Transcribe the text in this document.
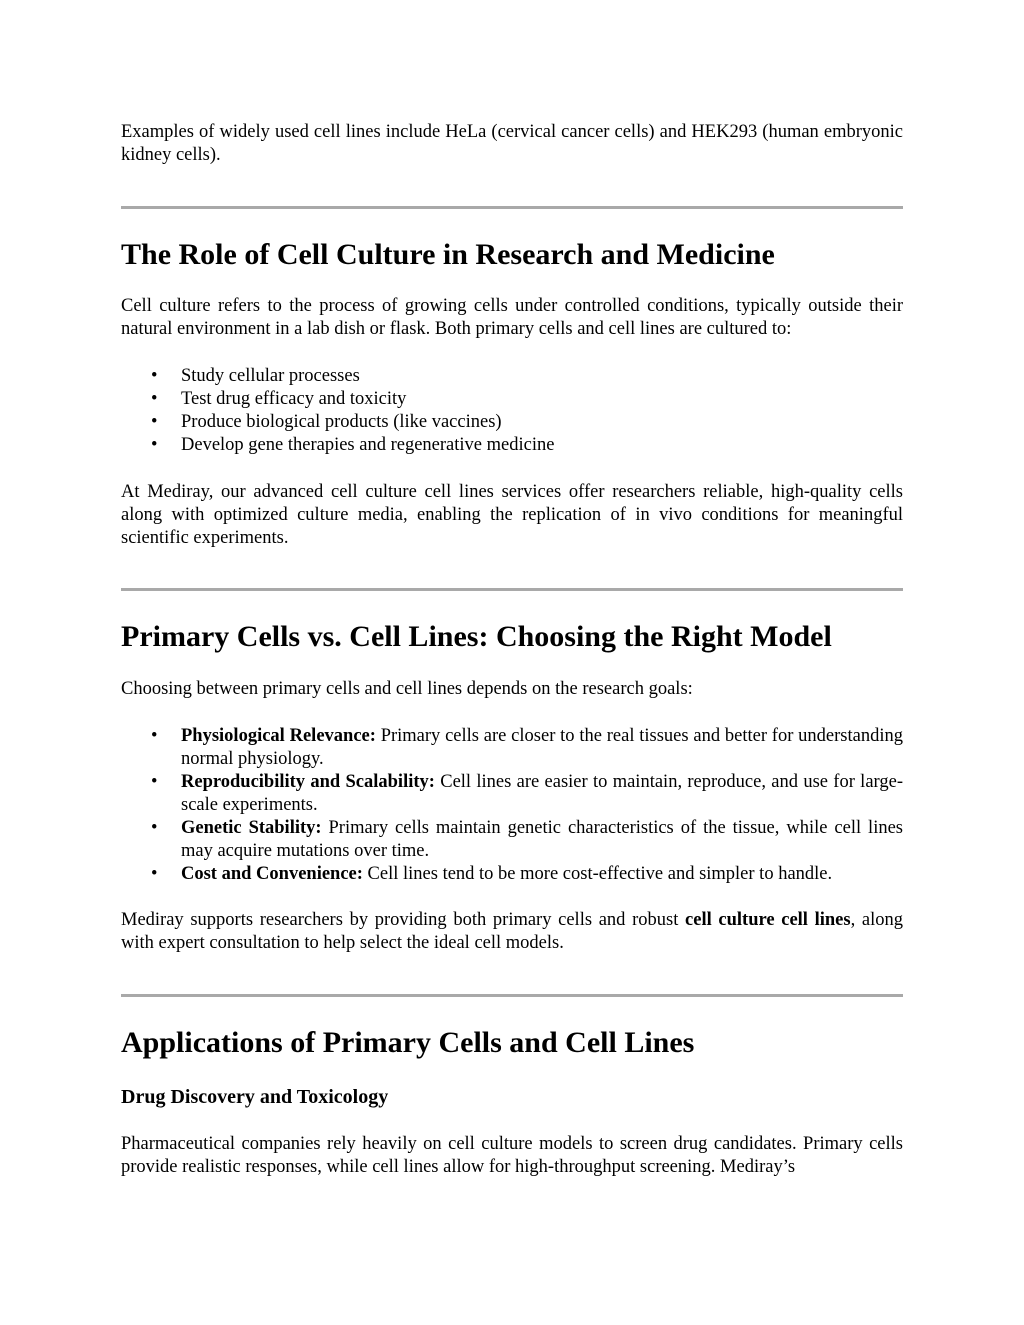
Examples of widely used cell lines include HeLa (cervical cancer cells) and HEK293 (human embryonic kidney cells).

The Role of Cell Culture in Research and Medicine

Cell culture refers to the process of growing cells under controlled conditions, typically outside their natural environment in a lab dish or flask. Both primary cells and cell lines are cultured to:

• Study cellular processes
• Test drug efficacy and toxicity
• Produce biological products (like vaccines)
• Develop gene therapies and regenerative medicine

At Mediray, our advanced cell culture cell lines services offer researchers reliable, high-quality cells along with optimized culture media, enabling the replication of in vivo conditions for meaningful scientific experiments.

Primary Cells vs. Cell Lines: Choosing the Right Model

Choosing between primary cells and cell lines depends on the research goals:

• Physiological Relevance: Primary cells are closer to the real tissues and better for understanding normal physiology.
• Reproducibility and Scalability: Cell lines are easier to maintain, reproduce, and use for large-scale experiments.
• Genetic Stability: Primary cells maintain genetic characteristics of the tissue, while cell lines may acquire mutations over time.
• Cost and Convenience: Cell lines tend to be more cost-effective and simpler to handle.

Mediray supports researchers by providing both primary cells and robust cell culture cell lines, along with expert consultation to help select the ideal cell models.

Applications of Primary Cells and Cell Lines
Drug Discovery and Toxicology

Pharmaceutical companies rely heavily on cell culture models to screen drug candidates. Primary cells provide realistic responses, while cell lines allow for high-throughput screening. Mediray’s
